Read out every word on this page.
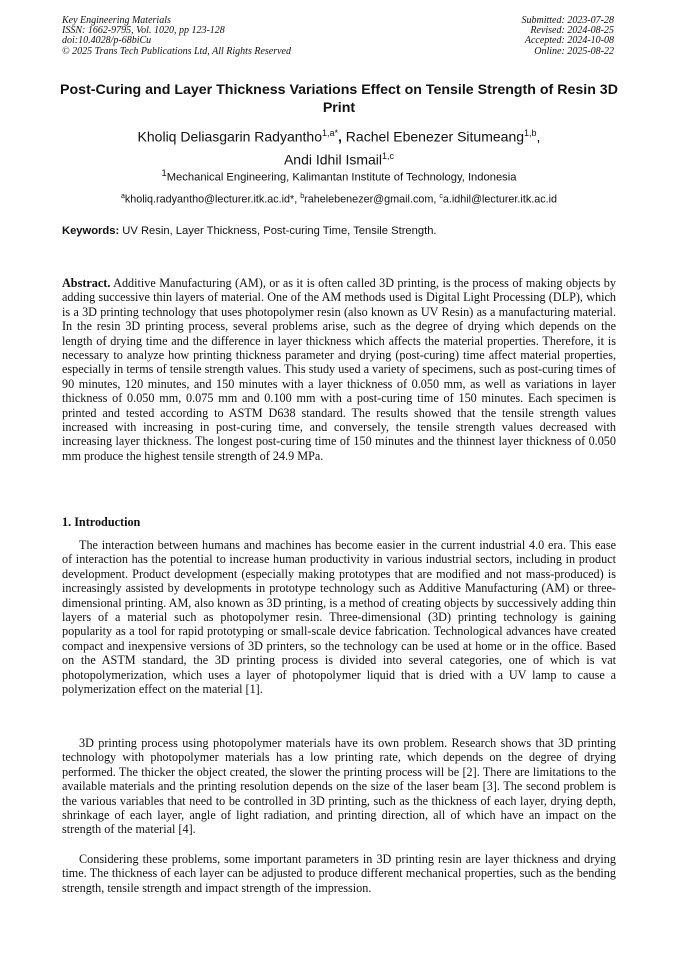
Key Engineering Materials
ISSN: 1662-9795, Vol. 1020, pp 123-128
doi:10.4028/p-68biCu
© 2025 Trans Tech Publications Ltd, All Rights Reserved
Submitted: 2023-07-28
Revised: 2024-08-25
Accepted: 2024-10-08
Online: 2025-08-22
Post-Curing and Layer Thickness Variations Effect on Tensile Strength of Resin 3D Print
Kholiq Deliasgarin Radyantho$^{1,a*}$, Rachel Ebenezer Situmeang$^{1,b}$,
Andi Idhil Ismail$^{1,c}$
$^1$Mechanical Engineering, Kalimantan Institute of Technology, Indonesia
$^a$kholiq.radyantho@lecturer.itk.ac.id*, $^b$rahelebenezer@gmail.com, $^c$a.idhil@lecturer.itk.ac.id
Keywords: UV Resin, Layer Thickness, Post-curing Time, Tensile Strength.
Abstract. Additive Manufacturing (AM), or as it is often called 3D printing, is the process of making objects by adding successive thin layers of material. One of the AM methods used is Digital Light Processing (DLP), which is a 3D printing technology that uses photopolymer resin (also known as UV Resin) as a manufacturing material. In the resin 3D printing process, several problems arise, such as the degree of drying which depends on the length of drying time and the difference in layer thickness which affects the material properties. Therefore, it is necessary to analyze how printing thickness parameter and drying (post-curing) time affect material properties, especially in terms of tensile strength values. This study used a variety of specimens, such as post-curing times of 90 minutes, 120 minutes, and 150 minutes with a layer thickness of 0.050 mm, as well as variations in layer thickness of 0.050 mm, 0.075 mm and 0.100 mm with a post-curing time of 150 minutes. Each specimen is printed and tested according to ASTM D638 standard. The results showed that the tensile strength values increased with increasing in post-curing time, and conversely, the tensile strength values decreased with increasing layer thickness. The longest post-curing time of 150 minutes and the thinnest layer thickness of 0.050 mm produce the highest tensile strength of 24.9 MPa.
1. Introduction
The interaction between humans and machines has become easier in the current industrial 4.0 era. This ease of interaction has the potential to increase human productivity in various industrial sectors, including in product development. Product development (especially making prototypes that are modified and not mass-produced) is increasingly assisted by developments in prototype technology such as Additive Manufacturing (AM) or three-dimensional printing. AM, also known as 3D printing, is a method of creating objects by successively adding thin layers of a material such as photopolymer resin. Three-dimensional (3D) printing technology is gaining popularity as a tool for rapid prototyping or small-scale device fabrication. Technological advances have created compact and inexpensive versions of 3D printers, so the technology can be used at home or in the office. Based on the ASTM standard, the 3D printing process is divided into several categories, one of which is vat photopolymerization, which uses a layer of photopolymer liquid that is dried with a UV lamp to cause a polymerization effect on the material [1].
3D printing process using photopolymer materials have its own problem. Research shows that 3D printing technology with photopolymer materials has a low printing rate, which depends on the degree of drying performed. The thicker the object created, the slower the printing process will be [2]. There are limitations to the available materials and the printing resolution depends on the size of the laser beam [3]. The second problem is the various variables that need to be controlled in 3D printing, such as the thickness of each layer, drying depth, shrinkage of each layer, angle of light radiation, and printing direction, all of which have an impact on the strength of the material [4].
Considering these problems, some important parameters in 3D printing resin are layer thickness and drying time. The thickness of each layer can be adjusted to produce different mechanical properties, such as the bending strength, tensile strength and impact strength of the impression.
